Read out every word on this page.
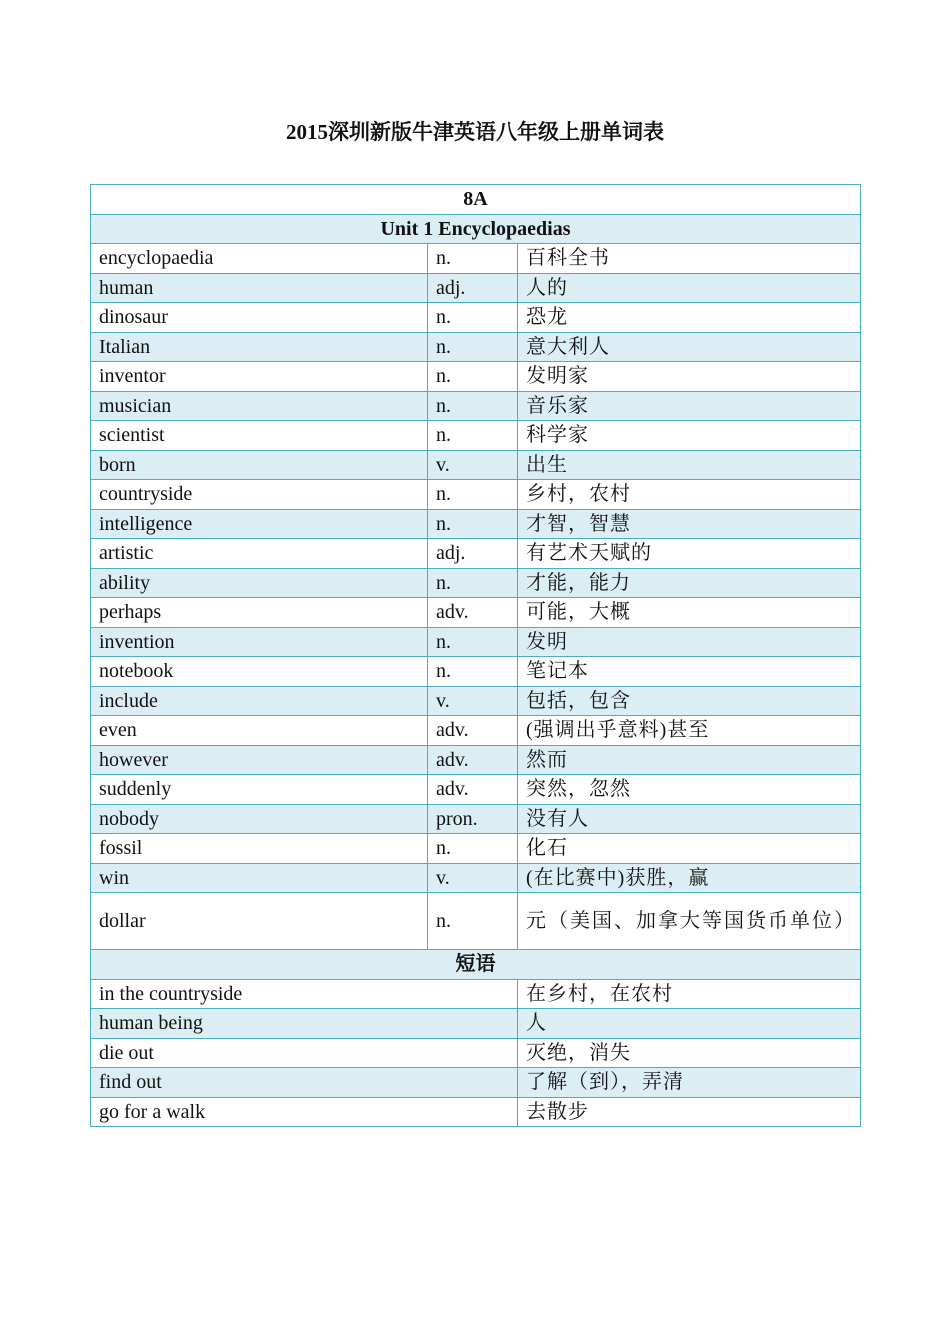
2015深圳新版牛津英语八年级上册单词表
8A		
Unit 1 Encyclopaedias		
encyclopaedia	n.	百科全书
human	adj.	人的
dinosaur	n.	恐龙
Italian	n.	意大利人
inventor	n.	发明家
musician	n.	音乐家
scientist	n.	科学家
born	v.	出生
countryside	n.	乡村，农村
intelligence	n.	才智，智慧
artistic	adj.	有艺术天赋的
ability	n.	才能，能力
perhaps	adv.	可能，大概
invention	n.	发明
notebook	n.	笔记本
include	v.	包括，包含
even	adv.	(强调出乎意料)甚至
however	adv.	然而
suddenly	adv.	突然，忽然
nobody	pron.	没有人
fossil	n.	化石
win	v.	(在比赛中)获胜，赢
dollar	n.	元（美国、加拿大等国货币单位）
短语		
in the countryside		在乡村，在农村
human being		人
die out		灭绝，消失
find out		了解（到），弄清
go for a walk		去散步
